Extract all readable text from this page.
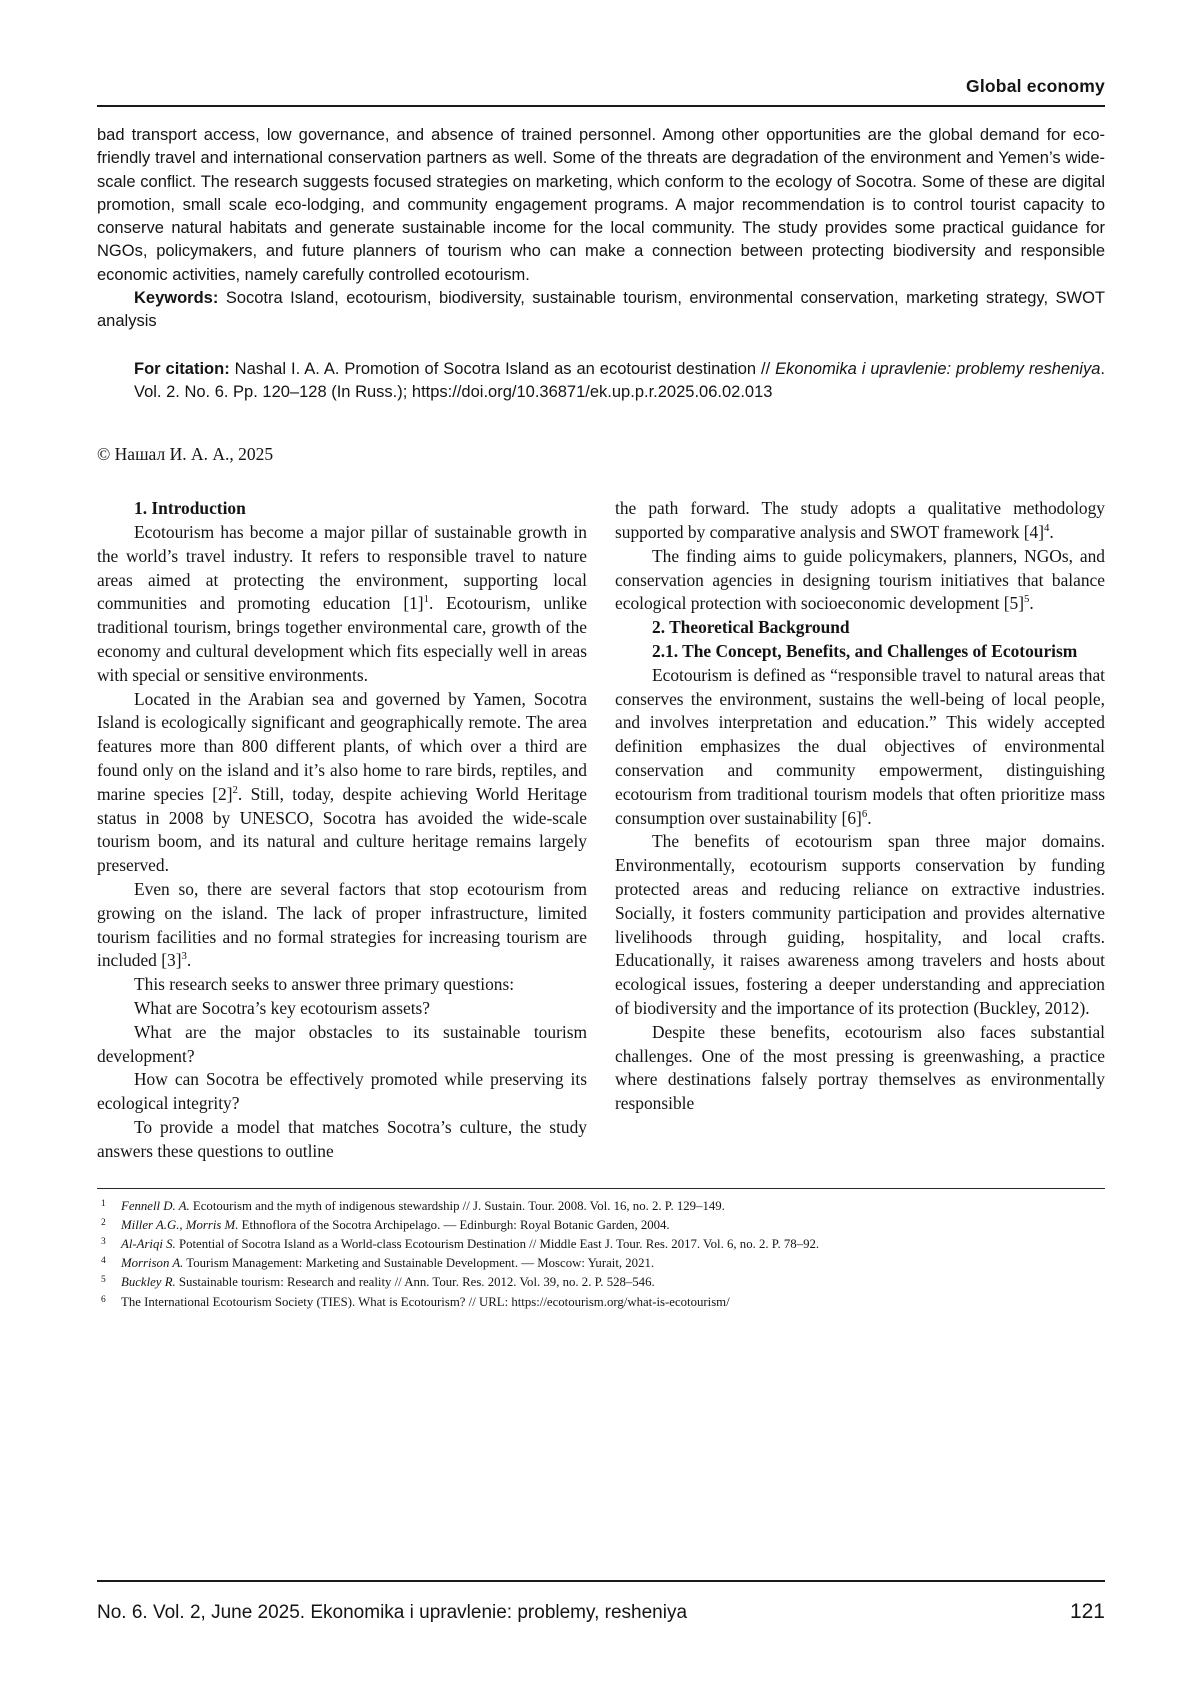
Global economy

bad transport access, low governance, and absence of trained personnel. Among other opportunities are the global demand for eco-friendly travel and international conservation partners as well. Some of the threats are degradation of the environment and Yemen’s wide-scale conflict. The research suggests focused strategies on marketing, which conform to the ecology of Socotra. Some of these are digital promotion, small scale eco-lodging, and community engagement programs. A major recommendation is to control tourist capacity to conserve natural habitats and generate sustainable income for the local community. The study provides some practical guidance for NGOs, policymakers, and future planners of tourism who can make a connection between protecting biodiversity and responsible economic activities, namely carefully controlled ecotourism.

Keywords: Socotra Island, ecotourism, biodiversity, sustainable tourism, environmental conservation, marketing strategy, SWOT analysis

For citation: Nashal I. A. A. Promotion of Socotra Island as an ecotourist destination // Ekonomika i upravlenie: problemy resheniya. Vol. 2. No. 6. Pp. 120–128 (In Russ.); https://doi.org/10.36871/ek.up.p.r.2025.06.02.013

© Нашал И. А. А., 2025

1. Introduction

Ecotourism has become a major pillar of sustainable growth in the world’s travel industry. It refers to responsible travel to nature areas aimed at protecting the environment, supporting local communities and promoting education [1]$^1$. Ecotourism, unlike traditional tourism, brings together environmental care, growth of the economy and cultural development which fits especially well in areas with special or sensitive environments.

Located in the Arabian sea and governed by Yamen, Socotra Island is ecologically significant and geographically remote. The area features more than 800 different plants, of which over a third are found only on the island and it’s also home to rare birds, reptiles, and marine species [2]$^2$. Still, today, despite achieving World Heritage status in 2008 by UNESCO, Socotra has avoided the wide-scale tourism boom, and its natural and culture heritage remains largely preserved.

Even so, there are several factors that stop ecotourism from growing on the island. The lack of proper infrastructure, limited tourism facilities and no formal strategies for increasing tourism are included [3]$^3$.

This research seeks to answer three primary questions:

What are Socotra’s key ecotourism assets?

What are the major obstacles to its sustainable tourism development?

How can Socotra be effectively promoted while preserving its ecological integrity?

To provide a model that matches Socotra’s culture, the study answers these questions to outline

the path forward. The study adopts a qualitative methodology supported by comparative analysis and SWOT framework [4]$^4$.

The finding aims to guide policymakers, planners, NGOs, and conservation agencies in designing tourism initiatives that balance ecological protection with socioeconomic development [5]$^5$.

2. Theoretical Background

2.1. The Concept, Benefits, and Challenges of Ecotourism

Ecotourism is defined as “responsible travel to natural areas that conserves the environment, sustains the well-being of local people, and involves interpretation and education.” This widely accepted definition emphasizes the dual objectives of environmental conservation and community empowerment, distinguishing ecotourism from traditional tourism models that often prioritize mass consumption over sustainability [6]$^6$.

The benefits of ecotourism span three major domains. Environmentally, ecotourism supports conservation by funding protected areas and reducing reliance on extractive industries. Socially, it fosters community participation and provides alternative livelihoods through guiding, hospitality, and local crafts. Educationally, it raises awareness among travelers and hosts about ecological issues, fostering a deeper understanding and appreciation of biodiversity and the importance of its protection (Buckley, 2012).

Despite these benefits, ecotourism also faces substantial challenges. One of the most pressing is greenwashing, a practice where destinations falsely portray themselves as environmentally responsible

1 Fennell D. A. Ecotourism and the myth of indigenous stewardship // J. Sustain. Tour. 2008. Vol. 16, no. 2. P. 129–149.
2 Miller A.G., Morris M. Ethnoflora of the Socotra Archipelago. — Edinburgh: Royal Botanic Garden, 2004.
3 Al-Ariqi S. Potential of Socotra Island as a World-class Ecotourism Destination // Middle East J. Tour. Res. 2017. Vol. 6, no. 2. P. 78–92.
4 Morrison A. Tourism Management: Marketing and Sustainable Development. — Moscow: Yurait, 2021.
5 Buckley R. Sustainable tourism: Research and reality // Ann. Tour. Res. 2012. Vol. 39, no. 2. P. 528–546.
6 The International Ecotourism Society (TIES). What is Ecotourism? // URL: https://ecotourism.org/what-is-ecotourism/
No. 6. Vol. 2, June 2025. Ekonomika i upravlenie: problemy, resheniya	121
